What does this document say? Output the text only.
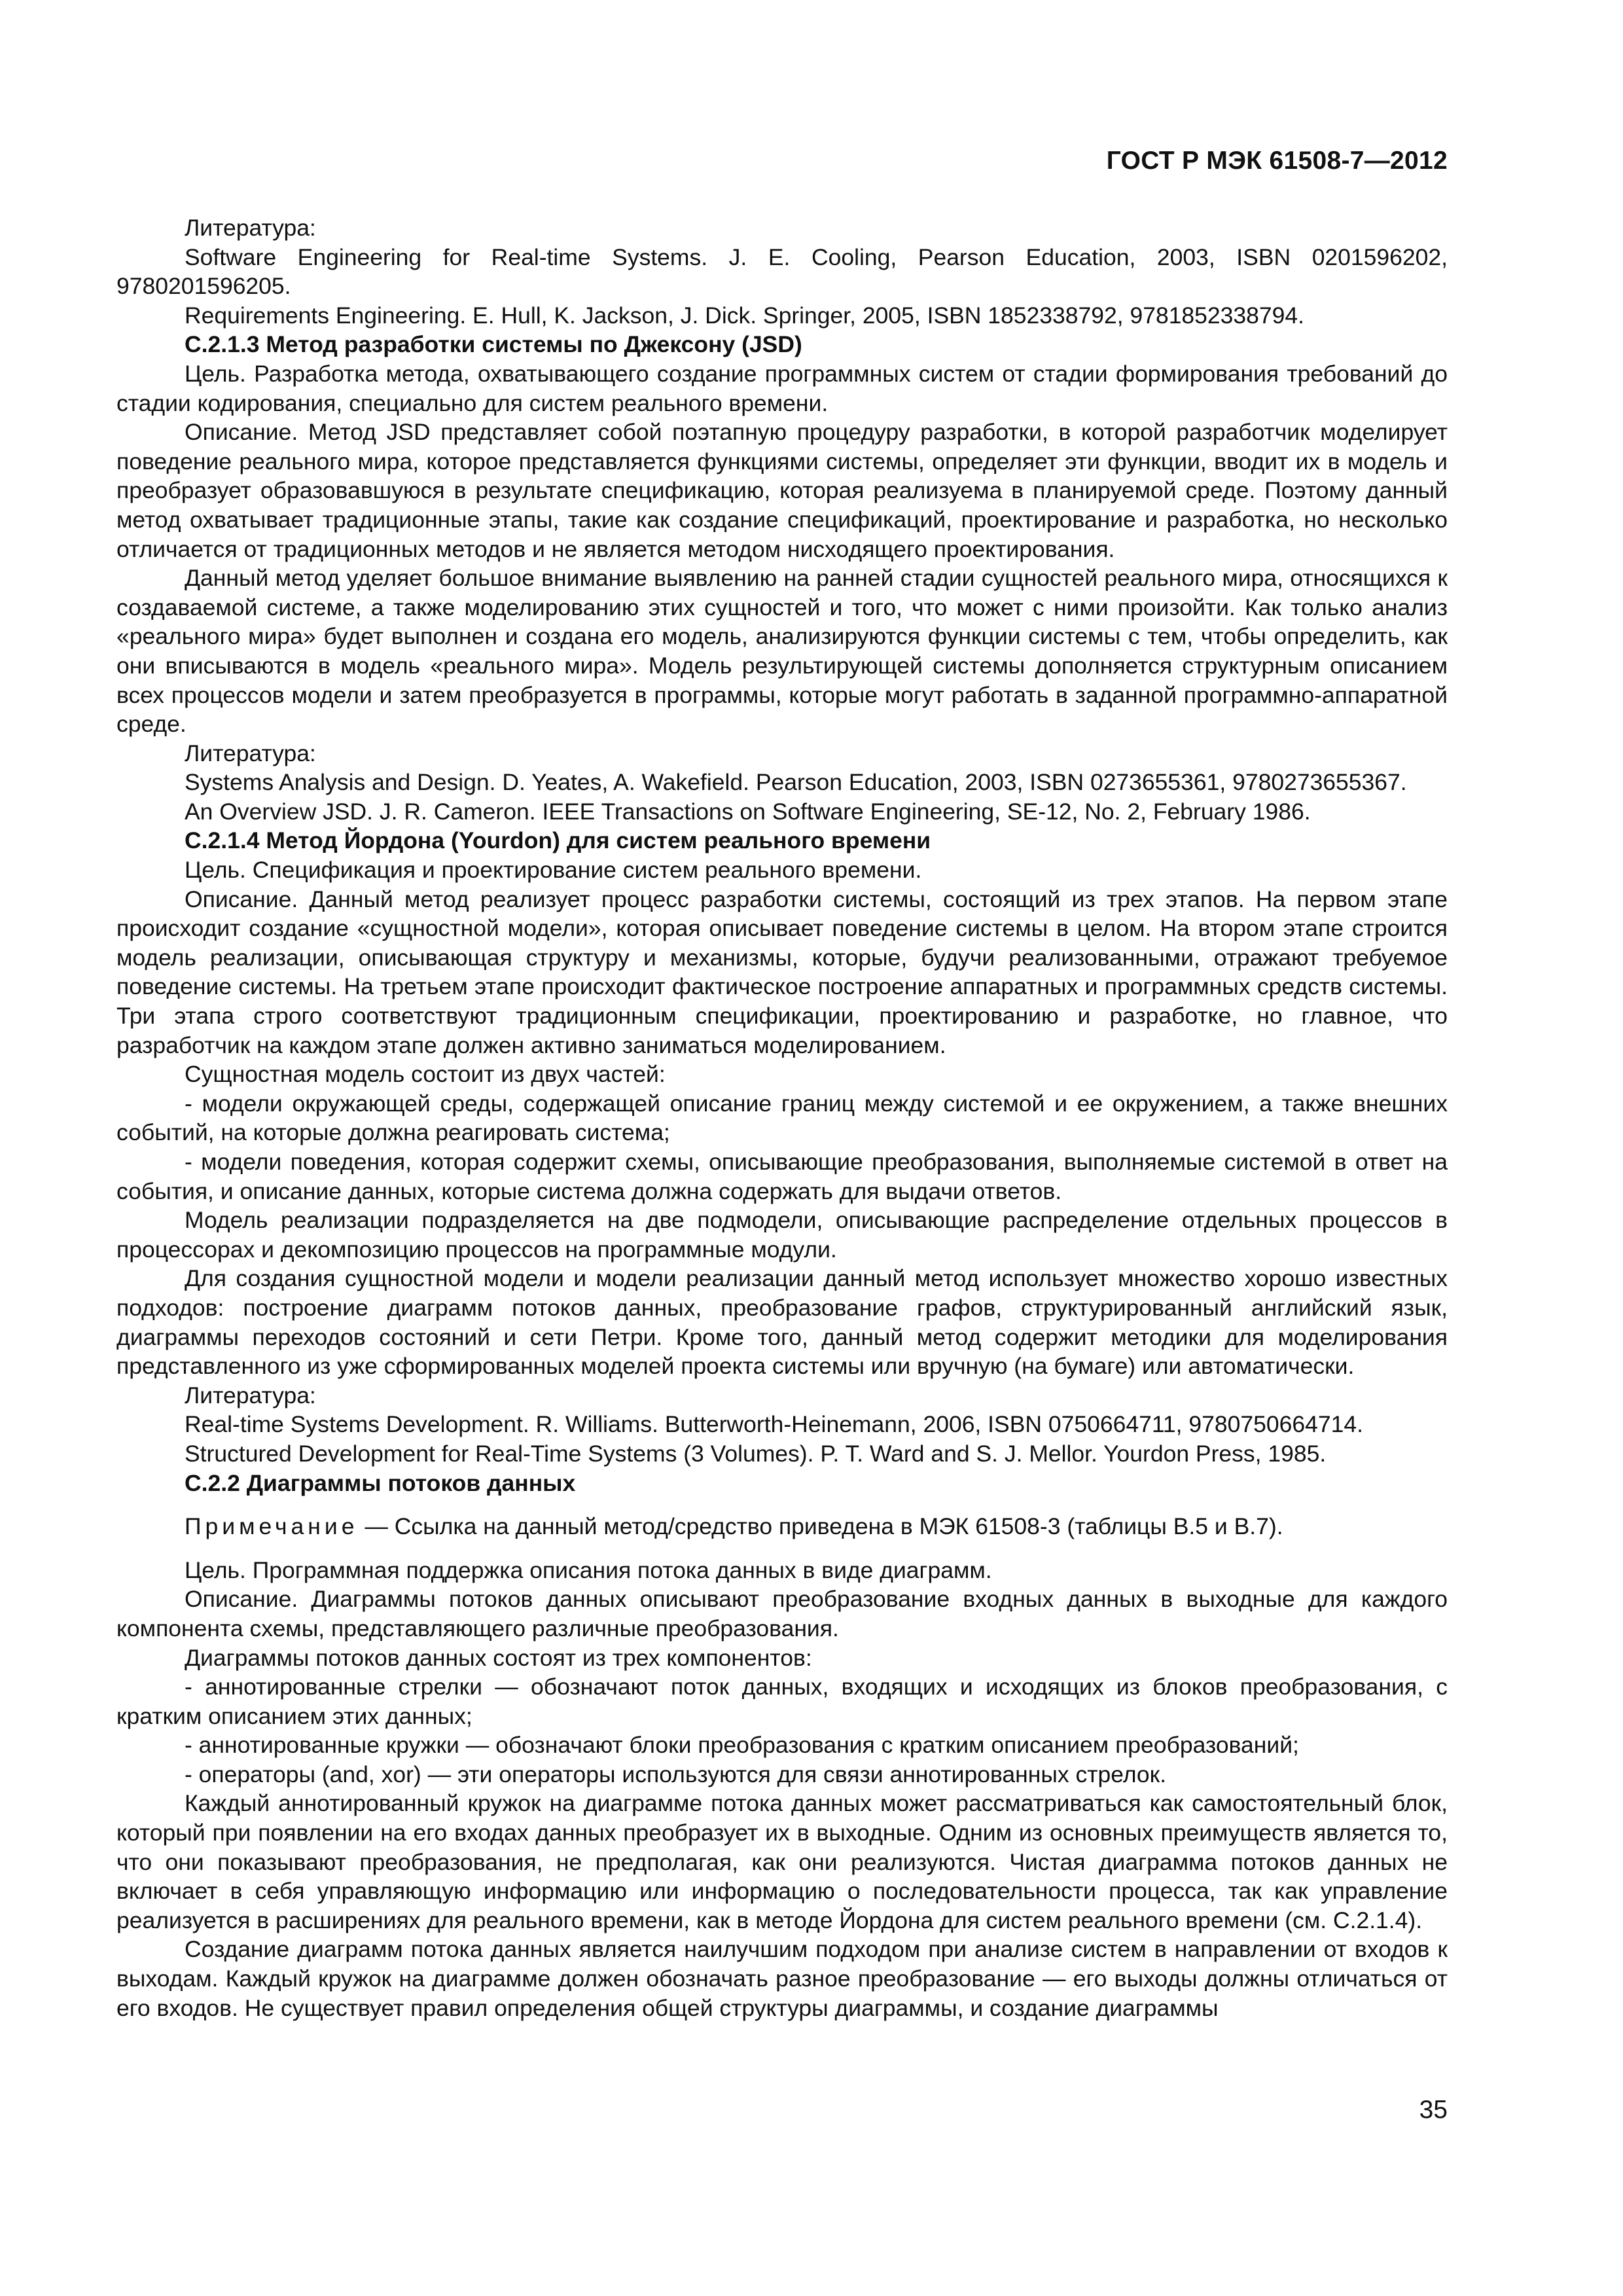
ГОСТ Р МЭК 61508-7—2012

Литература:

Software Engineering for Real-time Systems. J. E. Cooling, Pearson Education, 2003, ISBN 0201596202, 9780201596205.

Requirements Engineering. E. Hull, K. Jackson, J. Dick. Springer, 2005, ISBN 1852338792, 9781852338794.

C.2.1.3 Метод разработки системы по Джексону (JSD)

Цель. Разработка метода, охватывающего создание программных систем от стадии формирования требований до стадии кодирования, специально для систем реального времени.

Описание. Метод JSD представляет собой поэтапную процедуру разработки, в которой разработчик моделирует поведение реального мира, которое представляется функциями системы, определяет эти функции, вводит их в модель и преобразует образовавшуюся в результате спецификацию, которая реализуема в планируемой среде. Поэтому данный метод охватывает традиционные этапы, такие как создание спецификаций, проектирование и разработка, но несколько отличается от традиционных методов и не является методом нисходящего проектирования.

Данный метод уделяет большое внимание выявлению на ранней стадии сущностей реального мира, относящихся к создаваемой системе, а также моделированию этих сущностей и того, что может с ними произойти. Как только анализ «реального мира» будет выполнен и создана его модель, анализируются функции системы с тем, чтобы определить, как они вписываются в модель «реального мира». Модель результирующей системы дополняется структурным описанием всех процессов модели и затем преобразуется в программы, которые могут работать в заданной программно-аппаратной среде.

Литература:

Systems Analysis and Design. D. Yeates, A. Wakefield. Pearson Education, 2003, ISBN 0273655361, 9780273655367.

An Overview JSD. J. R. Cameron. IEEE Transactions on Software Engineering, SE-12, No. 2, February 1986.

C.2.1.4 Метод Йордона (Yourdon) для систем реального времени

Цель. Спецификация и проектирование систем реального времени.

Описание. Данный метод реализует процесс разработки системы, состоящий из трех этапов. На первом этапе происходит создание «сущностной модели», которая описывает поведение системы в целом. На втором этапе строится модель реализации, описывающая структуру и механизмы, которые, будучи реализованными, отражают требуемое поведение системы. На третьем этапе происходит фактическое построение аппаратных и программных средств системы. Три этапа строго соответствуют традиционным спецификации, проектированию и разработке, но главное, что разработчик на каждом этапе должен активно заниматься моделированием.

Сущностная модель состоит из двух частей:

- модели окружающей среды, содержащей описание границ между системой и ее окружением, а также внешних событий, на которые должна реагировать система;

- модели поведения, которая содержит схемы, описывающие преобразования, выполняемые системой в ответ на события, и описание данных, которые система должна содержать для выдачи ответов.

Модель реализации подразделяется на две подмодели, описывающие распределение отдельных процессов в процессорах и декомпозицию процессов на программные модули.

Для создания сущностной модели и модели реализации данный метод использует множество хорошо известных подходов: построение диаграмм потоков данных, преобразование графов, структурированный английский язык, диаграммы переходов состояний и сети Петри. Кроме того, данный метод содержит методики для моделирования представленного из уже сформированных моделей проекта системы или вручную (на бумаге) или автоматически.

Литература:

Real-time Systems Development. R. Williams. Butterworth-Heinemann, 2006, ISBN 0750664711, 9780750664714.

Structured Development for Real-Time Systems (3 Volumes). P. T. Ward and S. J. Mellor. Yourdon Press, 1985.

C.2.2 Диаграммы потоков данных

Примечание — Ссылка на данный метод/средство приведена в МЭК 61508-3 (таблицы B.5 и B.7).

Цель. Программная поддержка описания потока данных в виде диаграмм.

Описание. Диаграммы потоков данных описывают преобразование входных данных в выходные для каждого компонента схемы, представляющего различные преобразования.

Диаграммы потоков данных состоят из трех компонентов:

- аннотированные стрелки — обозначают поток данных, входящих и исходящих из блоков преобразования, с кратким описанием этих данных;

- аннотированные кружки — обозначают блоки преобразования с кратким описанием преобразований;

- операторы (and, xor) — эти операторы используются для связи аннотированных стрелок.

Каждый аннотированный кружок на диаграмме потока данных может рассматриваться как самостоятельный блок, который при появлении на его входах данных преобразует их в выходные. Одним из основных преимуществ является то, что они показывают преобразования, не предполагая, как они реализуются. Чистая диаграмма потоков данных не включает в себя управляющую информацию или информацию о последовательности процесса, так как управление реализуется в расширениях для реального времени, как в методе Йордона для систем реального времени (см. C.2.1.4).

Создание диаграмм потока данных является наилучшим подходом при анализе систем в направлении от входов к выходам. Каждый кружок на диаграмме должен обозначать разное преобразование — его выходы должны отличаться от его входов. Не существует правил определения общей структуры диаграммы, и создание диаграммы

35
